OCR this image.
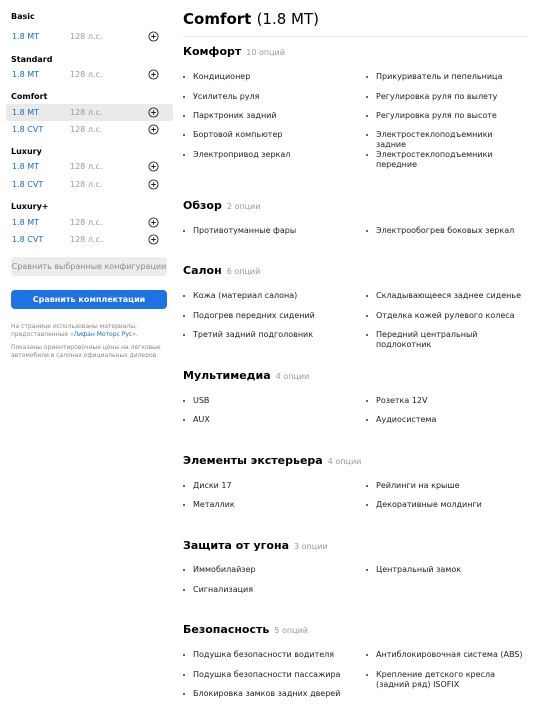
Basic
1.8 MT	128 л.с.
Standard
1.8 MT	128 л.с.
Comfort
1.8 MT	128 л.с.
1.8 CVT	128 л.с.
Luxury
1.8 MT	128 л.с.
1.8 CVT	128 л.с.
Luxury+
1.8 MT	128 л.с.
1.8 CVT	128 л.с.
Сравнить выбранные конфигурации
Сравнить комплектации
На странице использованы материалы, предоставленные «Лифан Моторс Рус».
Показаны ориентировочные цены на легковые автомобили в салонах официальных дилеров.
Comfort (1.8 MT)
Комфорт 10 опций
Кондиционер
Усилитель руля
Парктроник задний
Бортовой компьютер
Электропривод зеркал
Прикуриватель и пепельница
Регулировка руля по вылету
Регулировка руля по высоте
Электростеклоподъемники задние
Электростеклоподъемники передние
Обзор 2 опции
Противотуманные фары	Электрообогрев боковых зеркал
Салон 6 опций
Кожа (материал салона)
Подогрев передних сидений
Третий задний подголовник
Складывающееся заднее сиденье
Отделка кожей рулевого колеса
Передний центральный подлокотник
Мультимедиа 4 опции
USB
AUX
Розетка 12V
Аудиосистема
Элементы экстерьера 4 опции
Диски 17
Металлик
Рейлинги на крыше
Декоративные молдинги
Защита от угона 3 опции
Иммобилайзер
Сигнализация
Центральный замок
Безопасность 5 опций
Подушка безопасности водителя
Подушка безопасности пассажира
Блокировка замков задних дверей
Антиблокировочная система (ABS)
Крепление детского кресла (задний ряд) ISOFIX
